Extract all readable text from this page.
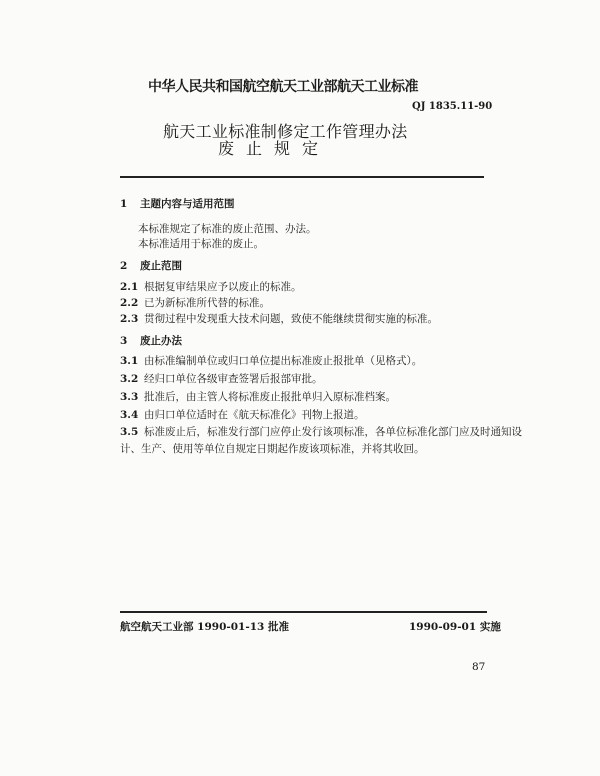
中华人民共和国航空航天工业部航天工业标准
QJ 1835.11-90
航天工业标准制修定工作管理办法
废止规定
1 主题内容与适用范围
本标准规定了标准的废止范围、办法。
本标准适用于标准的废止。
2 废止范围
2.1 根据复审结果应予以废止的标准。
2.2 已为新标准所代替的标准。
2.3 贯彻过程中发现重大技术问题，致使不能继续贯彻实施的标准。
3 废止办法
3.1 由标准编制单位或归口单位提出标准废止报批单（见格式）。
3.2 经归口单位各级审查签署后报部审批。
3.3 批准后，由主管人将标准废止报批单归入原标准档案。
3.4 由归口单位适时在《航天标准化》刊物上报道。
3.5 标准废止后，标准发行部门应停止发行该项标准，各单位标准化部门应及时通知设
计、生产、使用等单位自规定日期起作废该项标准，并将其收回。
航空航天工业部 1990-01-13 批准	1990-09-01 实施
87
